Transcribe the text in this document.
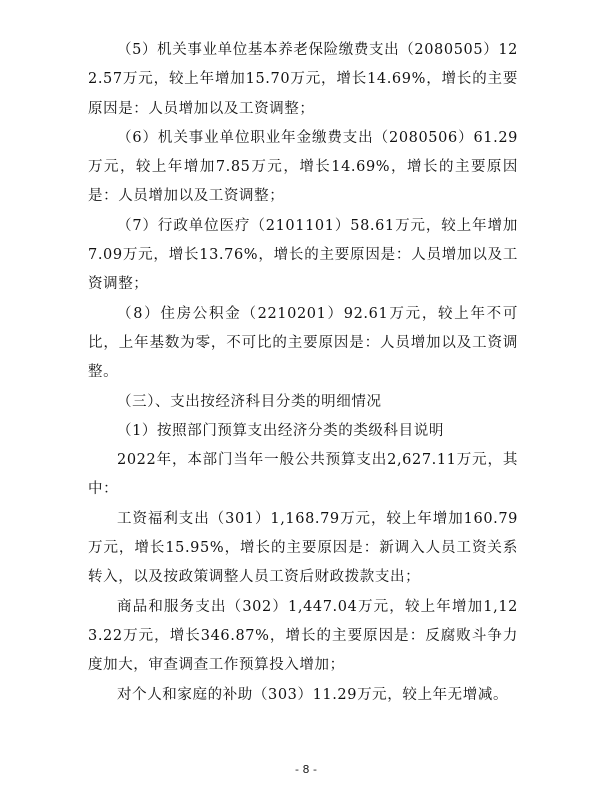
（5）机关事业单位基本养老保险缴费支出（2080505）122.57万元，较上年增加15.70万元，增长14.69%，增长的主要原因是：人员增加以及工资调整；

（6）机关事业单位职业年金缴费支出（2080506）61.29万元，较上年增加7.85万元，增长14.69%，增长的主要原因是：人员增加以及工资调整；

（7）行政单位医疗（2101101）58.61万元，较上年增加7.09万元，增长13.76%，增长的主要原因是：人员增加以及工资调整；

（8）住房公积金（2210201）92.61万元，较上年不可比，上年基数为零，不可比的主要原因是：人员增加以及工资调整。

（三）、支出按经济科目分类的明细情况

（1）按照部门预算支出经济分类的类级科目说明

2022年，本部门当年一般公共预算支出2,627.11万元，其中：

工资福利支出（301）1,168.79万元，较上年增加160.79万元，增长15.95%，增长的主要原因是：新调入人员工资关系转入，以及按政策调整人员工资后财政拨款支出；

商品和服务支出（302）1,447.04万元，较上年增加1,123.22万元，增长346.87%，增长的主要原因是：反腐败斗争力度加大，审查调查工作预算投入增加；

对个人和家庭的补助（303）11.29万元，较上年无增减。

- 8 -
